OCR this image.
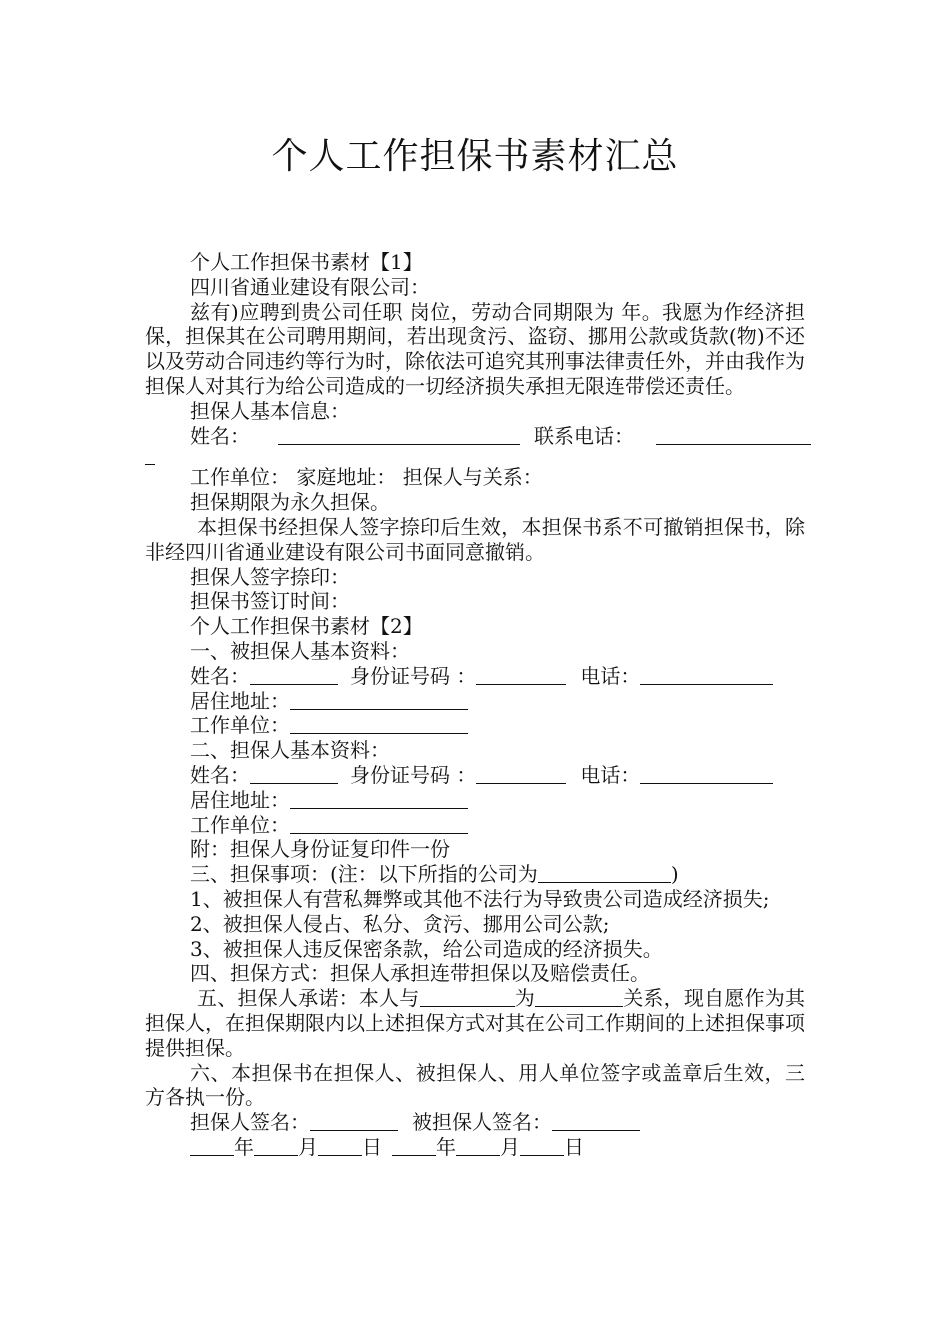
个人工作担保书素材汇总

个人工作担保书素材【1】

四川省通业建设有限公司：

兹有)应聘到贵公司任职 岗位，劳动合同期限为 年。我愿为作经济担保，担保其在公司聘用期间，若出现贪污、盗窃、挪用公款或货款(物)不还以及劳动合同违约等行为时，除依法可追究其刑事法律责任外，并由我作为担保人对其行为给公司造成的一切经济损失承担无限连带偿还责任。

担保人基本信息：

姓名：	联系电话：

工作单位： 家庭地址： 担保人与关系：

担保期限为永久担保。

本担保书经担保人签字捺印后生效，本担保书系不可撤销担保书，除非经四川省通业建设有限公司书面同意撤销。

担保人签字捺印：

担保书签订时间：

个人工作担保书素材【2】

一、被担保人基本资料：

姓名：	身份证号码 ：	电话：

居住地址：

工作单位：

二、担保人基本资料：

姓名：	身份证号码 ：	电话：

居住地址：

工作单位：

附：担保人身份证复印件一份

三、担保事项：(注：以下所指的公司为	)

1、被担保人有营私舞弊或其他不法行为导致贵公司造成经济损失;

2、被担保人侵占、私分、贪污、挪用公司公款;

3、被担保人违反保密条款，给公司造成的经济损失。

四、担保方式：担保人承担连带担保以及赔偿责任。

五、担保人承诺：本人与	为	关系，现自愿作为其担保人，在担保期限内以上述担保方式对其在公司工作期间的上述担保事项提供担保。

六、本担保书在担保人、被担保人、用人单位签字或盖章后生效，三方各执一份。

担保人签名：	被担保人签名：

年 月 日	年 月 日
